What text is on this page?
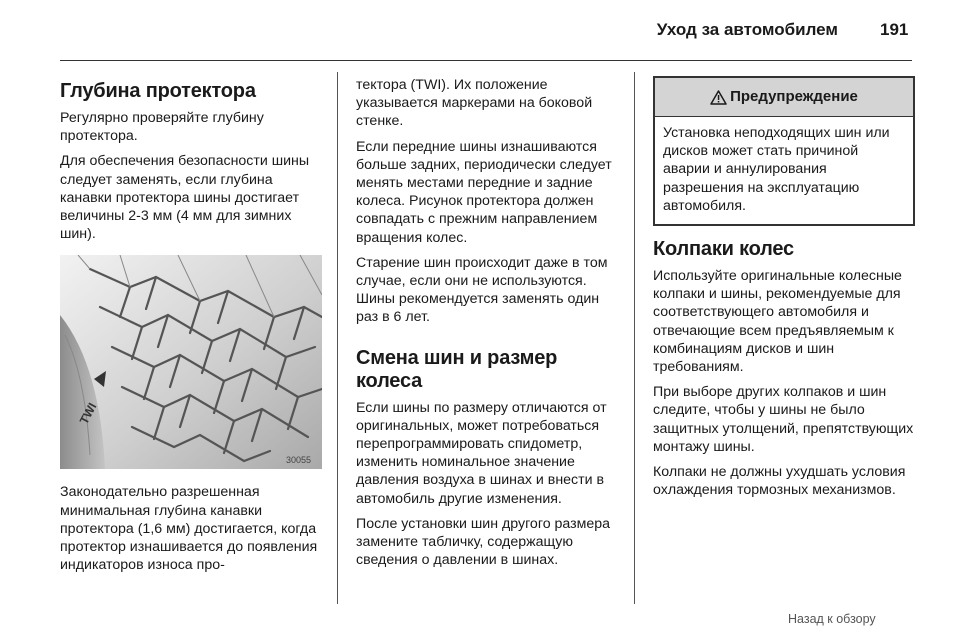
Уход за автомобилем 191
Глубина протектора

Регулярно проверяйте глубину протектора.

Для обеспечения безопасности шины следует заменять, если глубина канавки протектора шины достигает величины 2-3 мм (4 мм для зимних шин).

TWI
30055

Законодательно разрешенная минимальная глубина канавки протектора (1,6 мм) достигается, когда протектор изнашивается до появления индикаторов износа про-

тектора (TWI). Их положение указывается маркерами на боковой стенке.

Если передние шины изнашиваются больше задних, периодически следует менять местами передние и задние колеса. Рисунок протектора должен совпадать с прежним направлением вращения колес.

Старение шин происходит даже в том случае, если они не используются. Шины рекомендуется заменять один раз в 6 лет.

Смена шин и размер колеса

Если шины по размеру отличаются от оригинальных, может потребоваться перепрограммировать спидометр, изменить номинальное значение давления воздуха в шинах и внести в автомобиль другие изменения.

После установки шин другого размера замените табличку, содержащую сведения о давлении в шинах.

Предупреждение
Установка неподходящих шин или дисков может стать причиной аварии и аннулирования разрешения на эксплуатацию автомобиля.
Колпаки колес

Используйте оригинальные колесные колпаки и шины, рекомендуемые для соответствующего автомобиля и отвечающие всем предъявляемым к комбинациям дисков и шин требованиям.

При выборе других колпаков и шин следите, чтобы у шины не было защитных утолщений, препятствующих монтажу шины.

Колпаки не должны ухудшать условия охлаждения тормозных механизмов.

Назад к обзору
